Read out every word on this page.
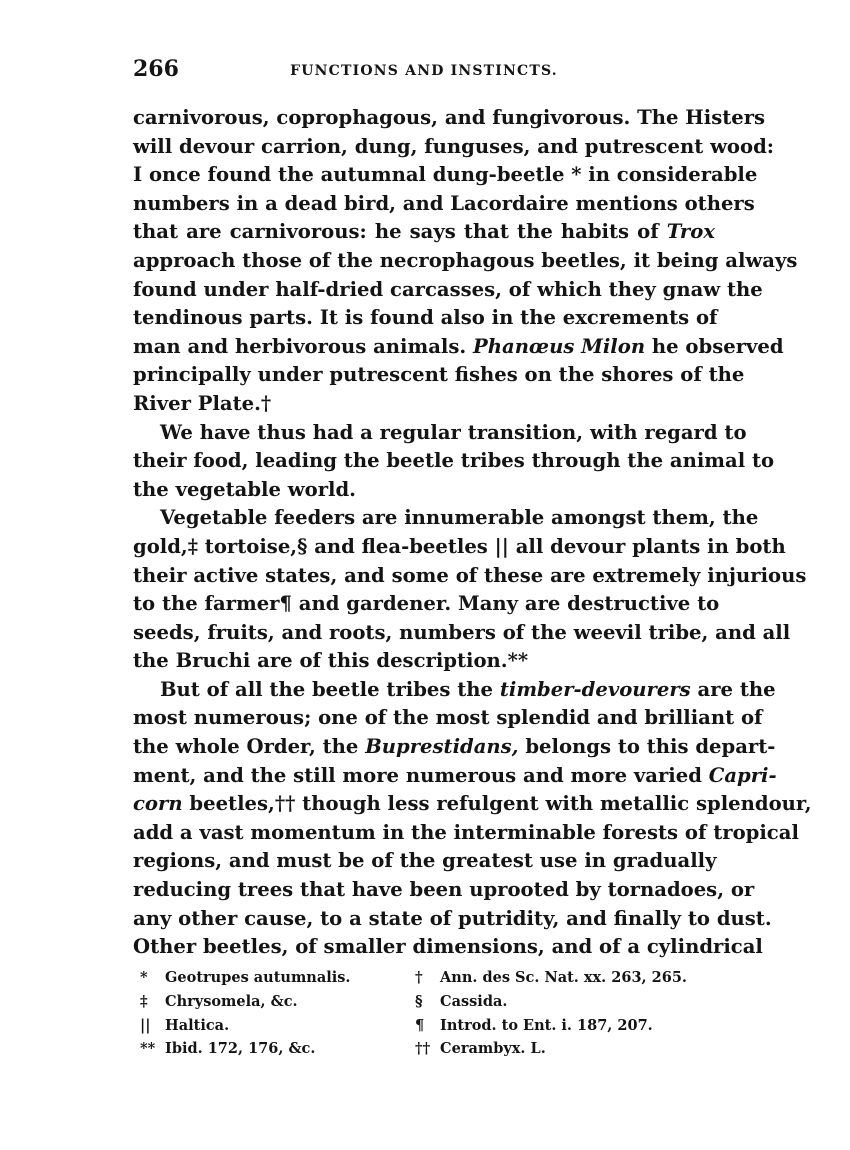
266	FUNCTIONS AND INSTINCTS.
carnivorous, coprophagous, and fungivorous. The Histers
will devour carrion, dung, funguses, and putrescent wood:
I once found the autumnal dung-beetle * in considerable
numbers in a dead bird, and Lacordaire mentions others
that are carnivorous: he says that the habits of Trox
approach those of the necrophagous beetles, it being always
found under half-dried carcasses, of which they gnaw the
tendinous parts. It is found also in the excrements of
man and herbivorous animals. Phanœus Milon he observed
principally under putrescent fishes on the shores of the
River Plate.†
We have thus had a regular transition, with regard to
their food, leading the beetle tribes through the animal to
the vegetable world.
Vegetable feeders are innumerable amongst them, the
gold,‡ tortoise,§ and flea-beetles || all devour plants in both
their active states, and some of these are extremely injurious
to the farmer¶ and gardener. Many are destructive to
seeds, fruits, and roots, numbers of the weevil tribe, and all
the Bruchi are of this description.**
But of all the beetle tribes the timber-devourers are the
most numerous; one of the most splendid and brilliant of
the whole Order, the Buprestidans, belongs to this depart-
ment, and the still more numerous and more varied Capri-
corn beetles,†† though less refulgent with metallic splendour,
add a vast momentum in the interminable forests of tropical
regions, and must be of the greatest use in gradually
reducing trees that have been uprooted by tornadoes, or
any other cause, to a state of putridity, and finally to dust.
Other beetles, of smaller dimensions, and of a cylindrical
* Geotrupes autumnalis.
‡ Chrysomela, &c.
|| Haltica.
** Ibid. 172, 176, &c.
† Ann. des Sc. Nat. xx. 263, 265.
§ Cassida.
¶ Introd. to Ent. i. 187, 207.
†† Cerambyx. L.
